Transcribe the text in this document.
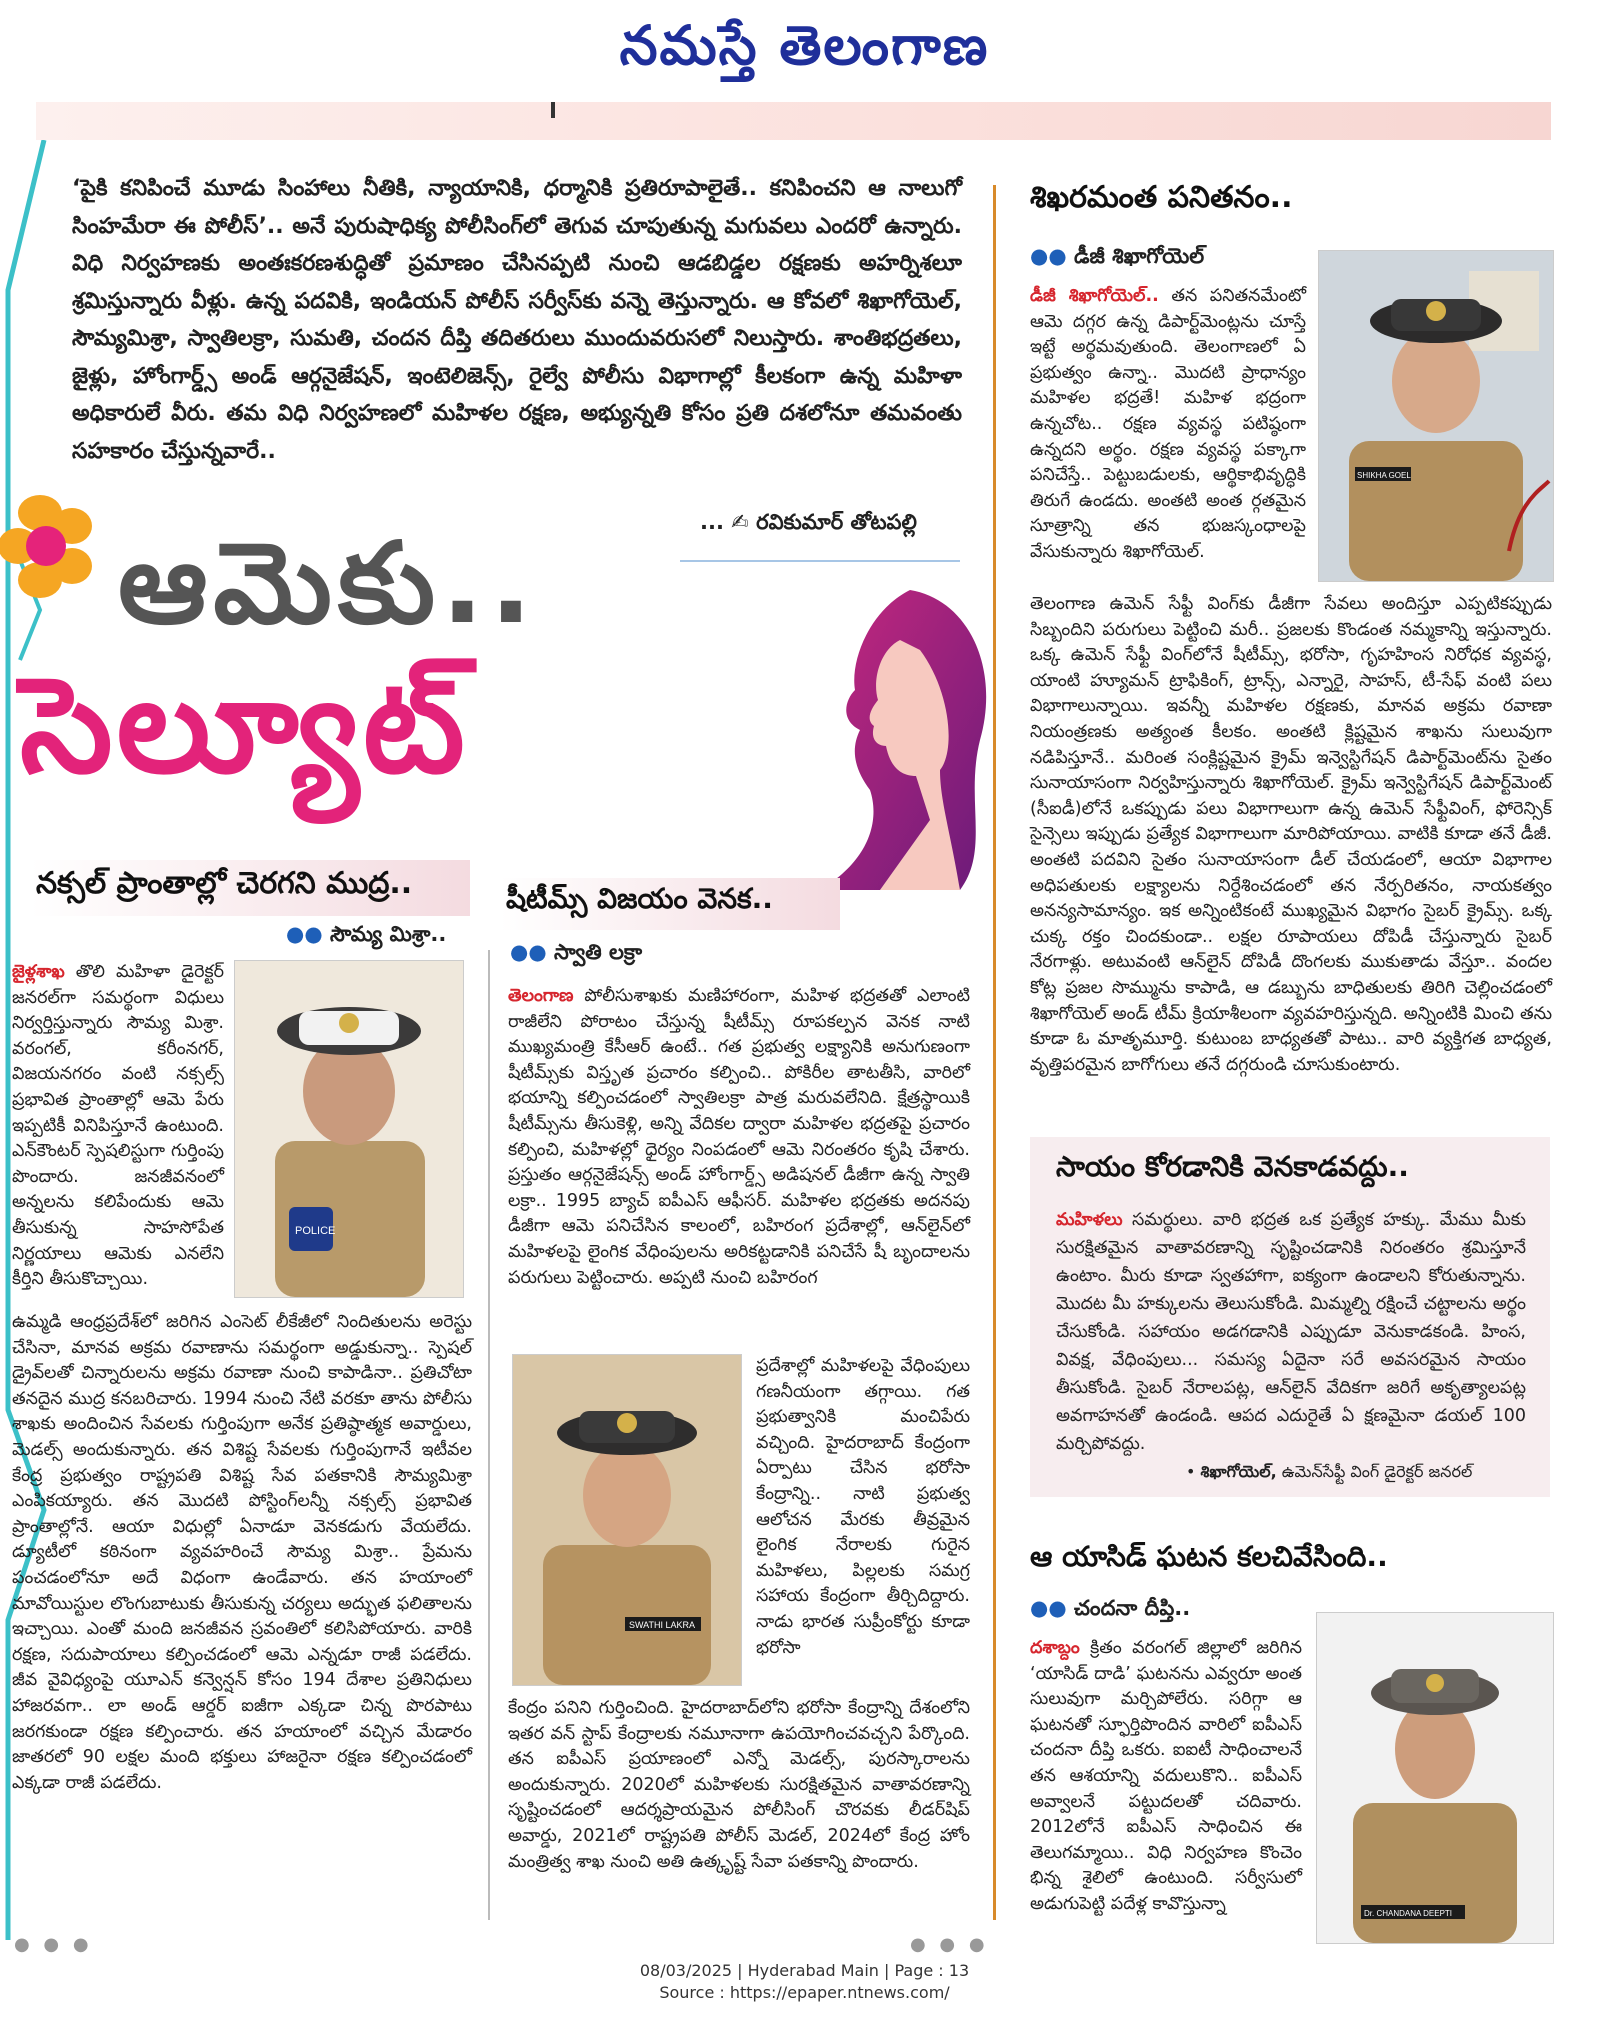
నమస్తే తెలంగాణ
‘పైకి కనిపించే మూడు సింహాలు నీతికి, న్యాయానికి, ధర్మానికి ప్రతిరూపాలైతే.. కనిపించని ఆ నాలుగో సింహమేరా ఈ పోలీస్’.. అనే పురుషాధిక్య పోలీసింగ్‌లో తెగువ చూపుతున్న మగువలు ఎందరో ఉన్నారు. విధి నిర్వహణకు అంతఃకరణశుద్ధితో ప్రమాణం చేసినప్పటి నుంచి ఆడబిడ్డల రక్షణకు అహర్నిశలూ శ్రమిస్తున్నారు వీళ్లు. ఉన్న పదవికి, ఇండియన్ పోలీస్ సర్వీస్‌కు వన్నె తెస్తున్నారు. ఆ కోవలో శిఖాగోయెల్, సౌమ్యమిశ్రా, స్వాతిలక్రా, సుమతి, చందన దీప్తి తదితరులు ముందువరుసలో నిలుస్తారు. శాంతిభద్రతలు, జైళ్లు, హోంగార్డ్స్ అండ్ ఆర్గనైజేషన్, ఇంటెలిజెన్స్, రైల్వే పోలీసు విభాగాల్లో కీలకంగా ఉన్న మహిళా అధికారులే వీరు. తమ విధి నిర్వహణలో మహిళల రక్షణ, అభ్యున్నతి కోసం ప్రతి దశలోనూ తమవంతు సహకారం చేస్తున్నవారే..
... ✍ రవికుమార్ తోటపల్లి
ఆమెకు..
సెల్యూట్
నక్సల్ ప్రాంతాల్లో చెరగని ముద్ర..
●● సౌమ్య మిశ్రా..
జైళ్లశాఖ తొలి మహిళా డైరెక్టర్ జనరల్‌గా సమర్థంగా విధులు నిర్వర్తిస్తున్నారు సౌమ్య మిశ్రా. వరంగల్, కరీంనగర్, విజయనగరం వంటి నక్సల్స్ ప్రభావిత ప్రాంతాల్లో ఆమె పేరు ఇప్పటికీ వినిపిస్తూనే ఉంటుంది. ఎన్‌కౌంటర్ స్పెషలిస్టుగా గుర్తింపు పొందారు. జనజీవనంలో అన్నలను కలిపేందుకు ఆమె తీసుకున్న సాహసోపేత నిర్ణయాలు ఆమెకు ఎనలేని కీర్తిని తీసుకొచ్చాయి.
POLICE
ఉమ్మడి ఆంధ్రప్రదేశ్‌లో జరిగిన ఎంసెట్ లీకేజీలో నిందితులను అరెస్టు చేసినా, మానవ అక్రమ రవాణాను సమర్థంగా అడ్డుకున్నా.. స్పెషల్ డ్రైవ్‌లతో చిన్నారులను అక్రమ రవాణా నుంచి కాపాడినా.. ప్రతిచోటా తనదైన ముద్ర కనబరిచారు. 1994 నుంచి నేటి వరకూ తాను పోలీసు శాఖకు అందించిన సేవలకు గుర్తింపుగా అనేక ప్రతిష్ఠాత్మక అవార్డులు, మెడల్స్ అందుకున్నారు. తన విశిష్ట సేవలకు గుర్తింపుగానే ఇటీవల కేంద్ర ప్రభుత్వం రాష్ట్రపతి విశిష్ట సేవ పతకానికి సౌమ్యమిశ్రా ఎంపికయ్యారు. తన మొదటి పోస్టింగ్‌లన్నీ నక్సల్స్ ప్రభావిత ప్రాంతాల్లోనే. ఆయా విధుల్లో ఏనాడూ వెనకడుగు వేయలేదు. డ్యూటీలో కఠినంగా వ్యవహరించే సౌమ్య మిశ్రా.. ప్రేమను పంచడంలోనూ అదే విధంగా ఉండేవారు. తన హయాంలో మావోయిస్టుల లొంగుబాటుకు తీసుకున్న చర్యలు అద్భుత ఫలితాలను ఇచ్చాయి. ఎంతో మంది జనజీవన స్రవంతిలో కలిసిపోయారు. వారికి రక్షణ, సదుపాయాలు కల్పించడంలో ఆమె ఎన్నడూ రాజీ పడలేదు. జీవ వైవిధ్యంపై యూఎన్ కన్వెన్షన్ కోసం 194 దేశాల ప్రతినిధులు హాజరవగా.. లా అండ్ ఆర్డర్ ఐజీగా ఎక్కడా చిన్న పొరపాటు జరగకుండా రక్షణ కల్పించారు. తన హయాంలో వచ్చిన మేడారం జాతరలో 90 లక్షల మంది భక్తులు హాజరైనా రక్షణ కల్పించడంలో ఎక్కడా రాజీ పడలేదు.
షీటీమ్స్ విజయం వెనక..
●● స్వాతి లక్రా
తెలంగాణ పోలీసుశాఖకు మణిహారంగా, మహిళ భద్రతతో ఎలాంటి రాజీలేని పోరాటం చేస్తున్న షీటీమ్స్ రూపకల్పన వెనక నాటి ముఖ్యమంత్రి కేసీఆర్ ఉంటే.. గత ప్రభుత్వ లక్ష్యానికి అనుగుణంగా షీటీమ్స్‌కు విస్తృత ప్రచారం కల్పించి.. పోకిరీల తాటతీసి, వారిలో భయాన్ని కల్పించడంలో స్వాతిలక్రా పాత్ర మరువలేనిది. క్షేత్రస్థాయికి షీటీమ్స్‌ను తీసుకెళ్లి, అన్ని వేదికల ద్వారా మహిళల భద్రతపై ప్రచారం కల్పించి, మహిళల్లో ధైర్యం నింపడంలో ఆమె నిరంతరం కృషి చేశారు. ప్రస్తుతం ఆర్గనైజేషన్స్ అండ్ హోంగార్డ్స్ అడిషనల్ డీజీగా ఉన్న స్వాతి లక్రా.. 1995 బ్యాచ్ ఐపీఎస్ ఆఫీసర్. మహిళల భద్రతకు అదనపు డీజీగా ఆమె పనిచేసిన కాలంలో, బహిరంగ ప్రదేశాల్లో, ఆన్‌లైన్‌లో మహిళలపై లైంగిక వేధింపులను అరికట్టడానికి పనిచేసే షీ బృందాలను పరుగులు పెట్టించారు. అప్పటి నుంచి బహిరంగ
SWATHI LAKRA
ప్రదేశాల్లో మహిళలపై వేధింపులు గణనీయంగా తగ్గాయి. గత ప్రభుత్వానికి మంచిపేరు వచ్చింది. హైదరాబాద్ కేంద్రంగా ఏర్పాటు చేసిన భరోసా కేంద్రాన్ని.. నాటి ప్రభుత్వ ఆలోచన మేరకు తీవ్రమైన లైంగిక నేరాలకు గురైన మహిళలు, పిల్లలకు సమగ్ర సహాయ కేంద్రంగా తీర్చిదిద్దారు. నాడు భారత సుప్రీంకోర్టు కూడా భరోసా
కేంద్రం పనిని గుర్తించింది. హైదరాబాద్‌లోని భరోసా కేంద్రాన్ని దేశంలోని ఇతర వన్ స్టాప్ కేంద్రాలకు నమూనాగా ఉపయోగించవచ్చని పేర్కొంది. తన ఐపీఎస్ ప్రయాణంలో ఎన్నో మెడల్స్, పురస్కారాలను అందుకున్నారు. 2020లో మహిళలకు సురక్షితమైన వాతావరణాన్ని సృష్టించడంలో ఆదర్శప్రాయమైన పోలీసింగ్ చొరవకు లీడర్‌షిప్ అవార్డు, 2021లో రాష్ట్రపతి పోలీస్ మెడల్, 2024లో కేంద్ర హోం మంత్రిత్వ శాఖ నుంచి అతి ఉత్కృష్ట్ సేవా పతకాన్ని పొందారు.
శిఖరమంత పనితనం..
●● డీజీ శిఖాగోయెల్
డీజీ శిఖాగోయెల్.. తన పనితనమేంటో ఆమె దగ్గర ఉన్న డిపార్ట్‌మెంట్లను చూస్తే ఇట్టే అర్థమవుతుంది. తెలంగాణలో ఏ ప్రభుత్వం ఉన్నా.. మొదటి ప్రాధాన్యం మహిళల భద్రతే! మహిళ భద్రంగా ఉన్నచోట.. రక్షణ వ్యవస్థ పటిష్ఠంగా ఉన్నదని అర్థం. రక్షణ వ్యవస్థ పక్కాగా పనిచేస్తే.. పెట్టుబడులకు, ఆర్థికాభివృద్ధికి తిరుగే ఉండదు. అంతటి అంత ర్గతమైన సూత్రాన్ని తన భుజస్కంధాలపై వేసుకున్నారు శిఖాగోయెల్.
SHIKHA GOEL
తెలంగాణ ఉమెన్ సేఫ్టీ వింగ్‌కు డీజీగా సేవలు అందిస్తూ ఎప్పటికప్పుడు సిబ్బందిని పరుగులు పెట్టించి మరీ.. ప్రజలకు కొండంత నమ్మకాన్ని ఇస్తున్నారు. ఒక్క ఉమెన్ సేఫ్టీ వింగ్‌లోనే షీటీమ్స్, భరోసా, గృహహింస నిరోధక వ్యవస్థ, యాంటి హ్యూమన్ ట్రాఫికింగ్, ట్రాన్స్, ఎన్నారై, సాహస్, టీ-సేఫ్ వంటి పలు విభాగాలున్నాయి. ఇవన్నీ మహిళల రక్షణకు, మానవ అక్రమ రవాణా నియంత్రణకు అత్యంత కీలకం. అంతటి క్లిష్టమైన శాఖను సులువుగా నడిపిస్తూనే.. మరింత సంక్లిష్టమైన క్రైమ్ ఇన్వెస్టిగేషన్ డిపార్ట్‌మెంట్‌ను సైతం సునాయాసంగా నిర్వహిస్తున్నారు శిఖాగోయెల్. క్రైమ్ ఇన్వెస్టిగేషన్ డిపార్ట్‌మెంట్ (సీఐడీ)లోనే ఒకప్పుడు పలు విభాగాలుగా ఉన్న ఉమెన్ సేఫ్టీవింగ్, ఫోరెన్సిక్ సైన్సెలు ఇప్పుడు ప్రత్యేక విభాగాలుగా మారిపోయాయి. వాటికి కూడా తనే డీజీ. అంతటి పదవిని సైతం సునాయాసంగా డీల్ చేయడంలో, ఆయా విభాగాల అధిపతులకు లక్ష్యాలను నిర్దేశించడంలో తన నేర్పరితనం, నాయకత్వం అనన్యసామాన్యం. ఇక అన్నింటికంటే ముఖ్యమైన విభాగం సైబర్ క్రైమ్స్. ఒక్క చుక్క రక్తం చిందకుండా.. లక్షల రూపాయలు దోపిడీ చేస్తున్నారు సైబర్ నేరగాళ్లు. అటువంటి ఆన్‌లైన్ దోపిడీ దొంగలకు ముకుతాడు వేస్తూ.. వందల కోట్ల ప్రజల సొమ్మును కాపాడి, ఆ డబ్బును బాధితులకు తిరిగి చెల్లించడంలో శిఖాగోయెల్ అండ్ టీమ్ క్రియాశీలంగా వ్యవహరిస్తున్నది. అన్నింటికి మించి తను కూడా ఓ మాతృమూర్తి. కుటుంబ బాధ్యతతో పాటు.. వారి వ్యక్తిగత బాధ్యత, వృత్తిపరమైన బాగోగులు తనే దగ్గరుండి చూసుకుంటారు.
సాయం కోరడానికి వెనకాడవద్దు..
మహిళలు సమర్థులు. వారి భద్రత ఒక ప్రత్యేక హక్కు. మేము మీకు సురక్షితమైన వాతావరణాన్ని సృష్టించడానికి నిరంతరం శ్రమిస్తూనే ఉంటాం. మీరు కూడా స్వతహాగా, ఐక్యంగా ఉండాలని కోరుతున్నాను. మొదట మీ హక్కులను తెలుసుకోండి. మిమ్మల్ని రక్షించే చట్టాలను అర్థం చేసుకోండి. సహాయం అడగడానికి ఎప్పుడూ వెనుకాడకండి. హింస, వివక్ష, వేధింపులు... సమస్య ఏదైనా సరే అవసరమైన సాయం తీసుకోండి. సైబర్ నేరాలపట్ల, ఆన్‌లైన్ వేదికగా జరిగే అకృత్యాలపట్ల అవగాహనతో ఉండండి. ఆపద ఎదురైతే ఏ క్షణమైనా డయల్ 100 మర్చిపోవద్దు.
• శిఖాగోయెల్, ఉమెన్‌సేఫ్టీ వింగ్ డైరెక్టర్ జనరల్
ఆ యాసిడ్ ఘటన కలచివేసింది..
●● చందనా దీప్తి..
దశాబ్దం క్రితం వరంగల్ జిల్లాలో జరిగిన ‘యాసిడ్ దాడి’ ఘటనను ఎవ్వరూ అంత సులువుగా మర్చిపోలేరు. సరిగ్గా ఆ ఘటనతో స్ఫూర్తిపొందిన వారిలో ఐపీఎస్ చందనా దీప్తి ఒకరు. ఐఐటీ సాధించాలనే తన ఆశయాన్ని వదులుకొని.. ఐపీఎస్ అవ్వాలనే పట్టుదలతో చదివారు. 2012లోనే ఐపీఎస్ సాధించిన ఈ తెలుగమ్మాయి.. విధి నిర్వహణ కొంచెం భిన్న శైలిలో ఉంటుంది. సర్వీసులో అడుగుపెట్టి పదేళ్ల కావొస్తున్నా	Dr. CHANDANA DEEPTI
● ● ●	● ● ●
08/03/2025 | Hyderabad Main | Page : 13
Source : https://epaper.ntnews.com/
